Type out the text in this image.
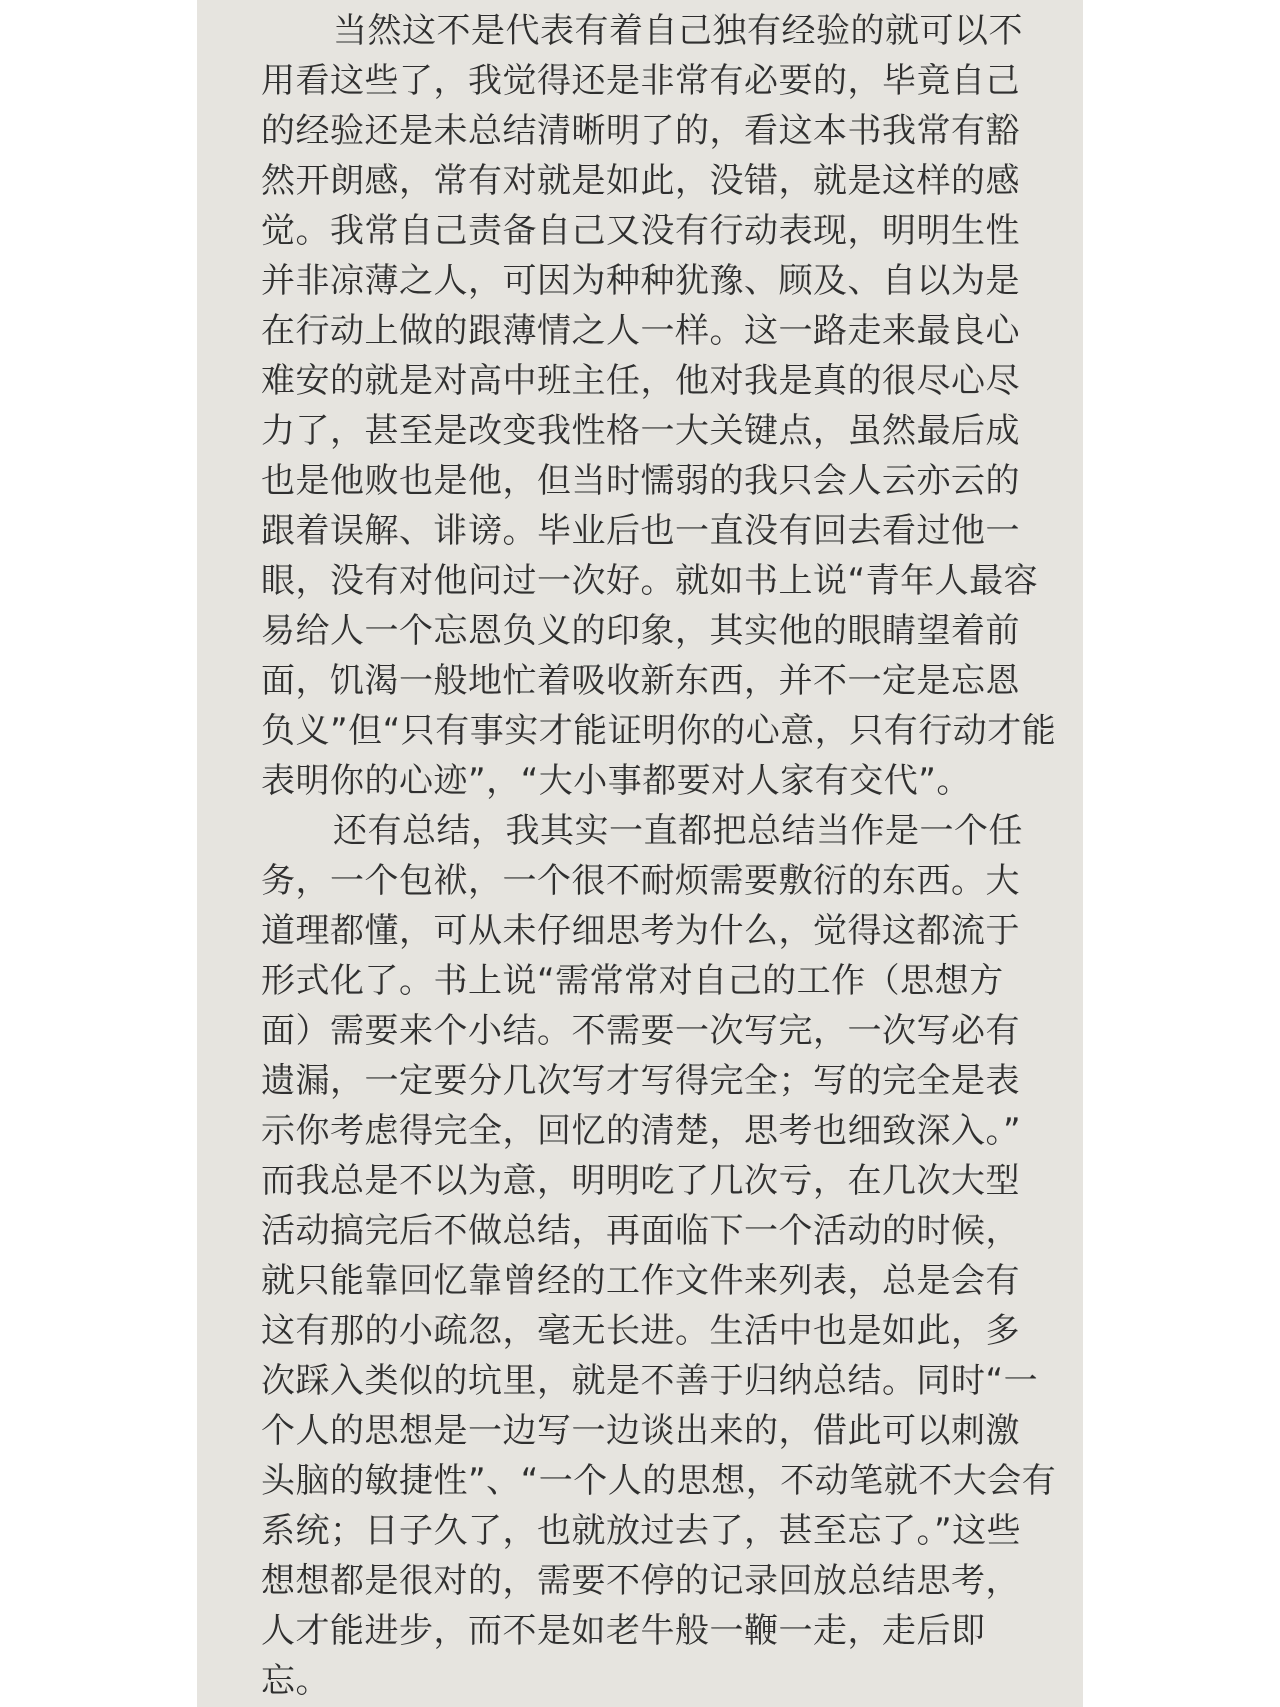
当然这不是代表有着自己独有经验的就可以不
用看这些了，我觉得还是非常有必要的，毕竟自己
的经验还是未总结清晰明了的，看这本书我常有豁
然开朗感，常有对就是如此，没错，就是这样的感
觉。我常自己责备自己又没有行动表现，明明生性
并非凉薄之人，可因为种种犹豫、顾及、自以为是
在行动上做的跟薄情之人一样。这一路走来最良心
难安的就是对高中班主任，他对我是真的很尽心尽
力了，甚至是改变我性格一大关键点，虽然最后成
也是他败也是他，但当时懦弱的我只会人云亦云的
跟着误解、诽谤。毕业后也一直没有回去看过他一
眼，没有对他问过一次好。就如书上说“青年人最容
易给人一个忘恩负义的印象，其实他的眼睛望着前
面，饥渴一般地忙着吸收新东西，并不一定是忘恩
负义”但“只有事实才能证明你的心意，只有行动才能
表明你的心迹”，“大小事都要对人家有交代”。
还有总结，我其实一直都把总结当作是一个任
务，一个包袱，一个很不耐烦需要敷衍的东西。大
道理都懂，可从未仔细思考为什么，觉得这都流于
形式化了。书上说“需常常对自己的工作（思想方
面）需要来个小结。不需要一次写完，一次写必有
遗漏，一定要分几次写才写得完全；写的完全是表
示你考虑得完全，回忆的清楚，思考也细致深入。”
而我总是不以为意，明明吃了几次亏，在几次大型
活动搞完后不做总结，再面临下一个活动的时候，
就只能靠回忆靠曾经的工作文件来列表，总是会有
这有那的小疏忽，毫无长进。生活中也是如此，多
次踩入类似的坑里，就是不善于归纳总结。同时“一
个人的思想是一边写一边谈出来的，借此可以刺激
头脑的敏捷性”、“一个人的思想，不动笔就不大会有
系统；日子久了，也就放过去了，甚至忘了。”这些
想想都是很对的，需要不停的记录回放总结思考，
人才能进步，而不是如老牛般一鞭一走，走后即
忘。
